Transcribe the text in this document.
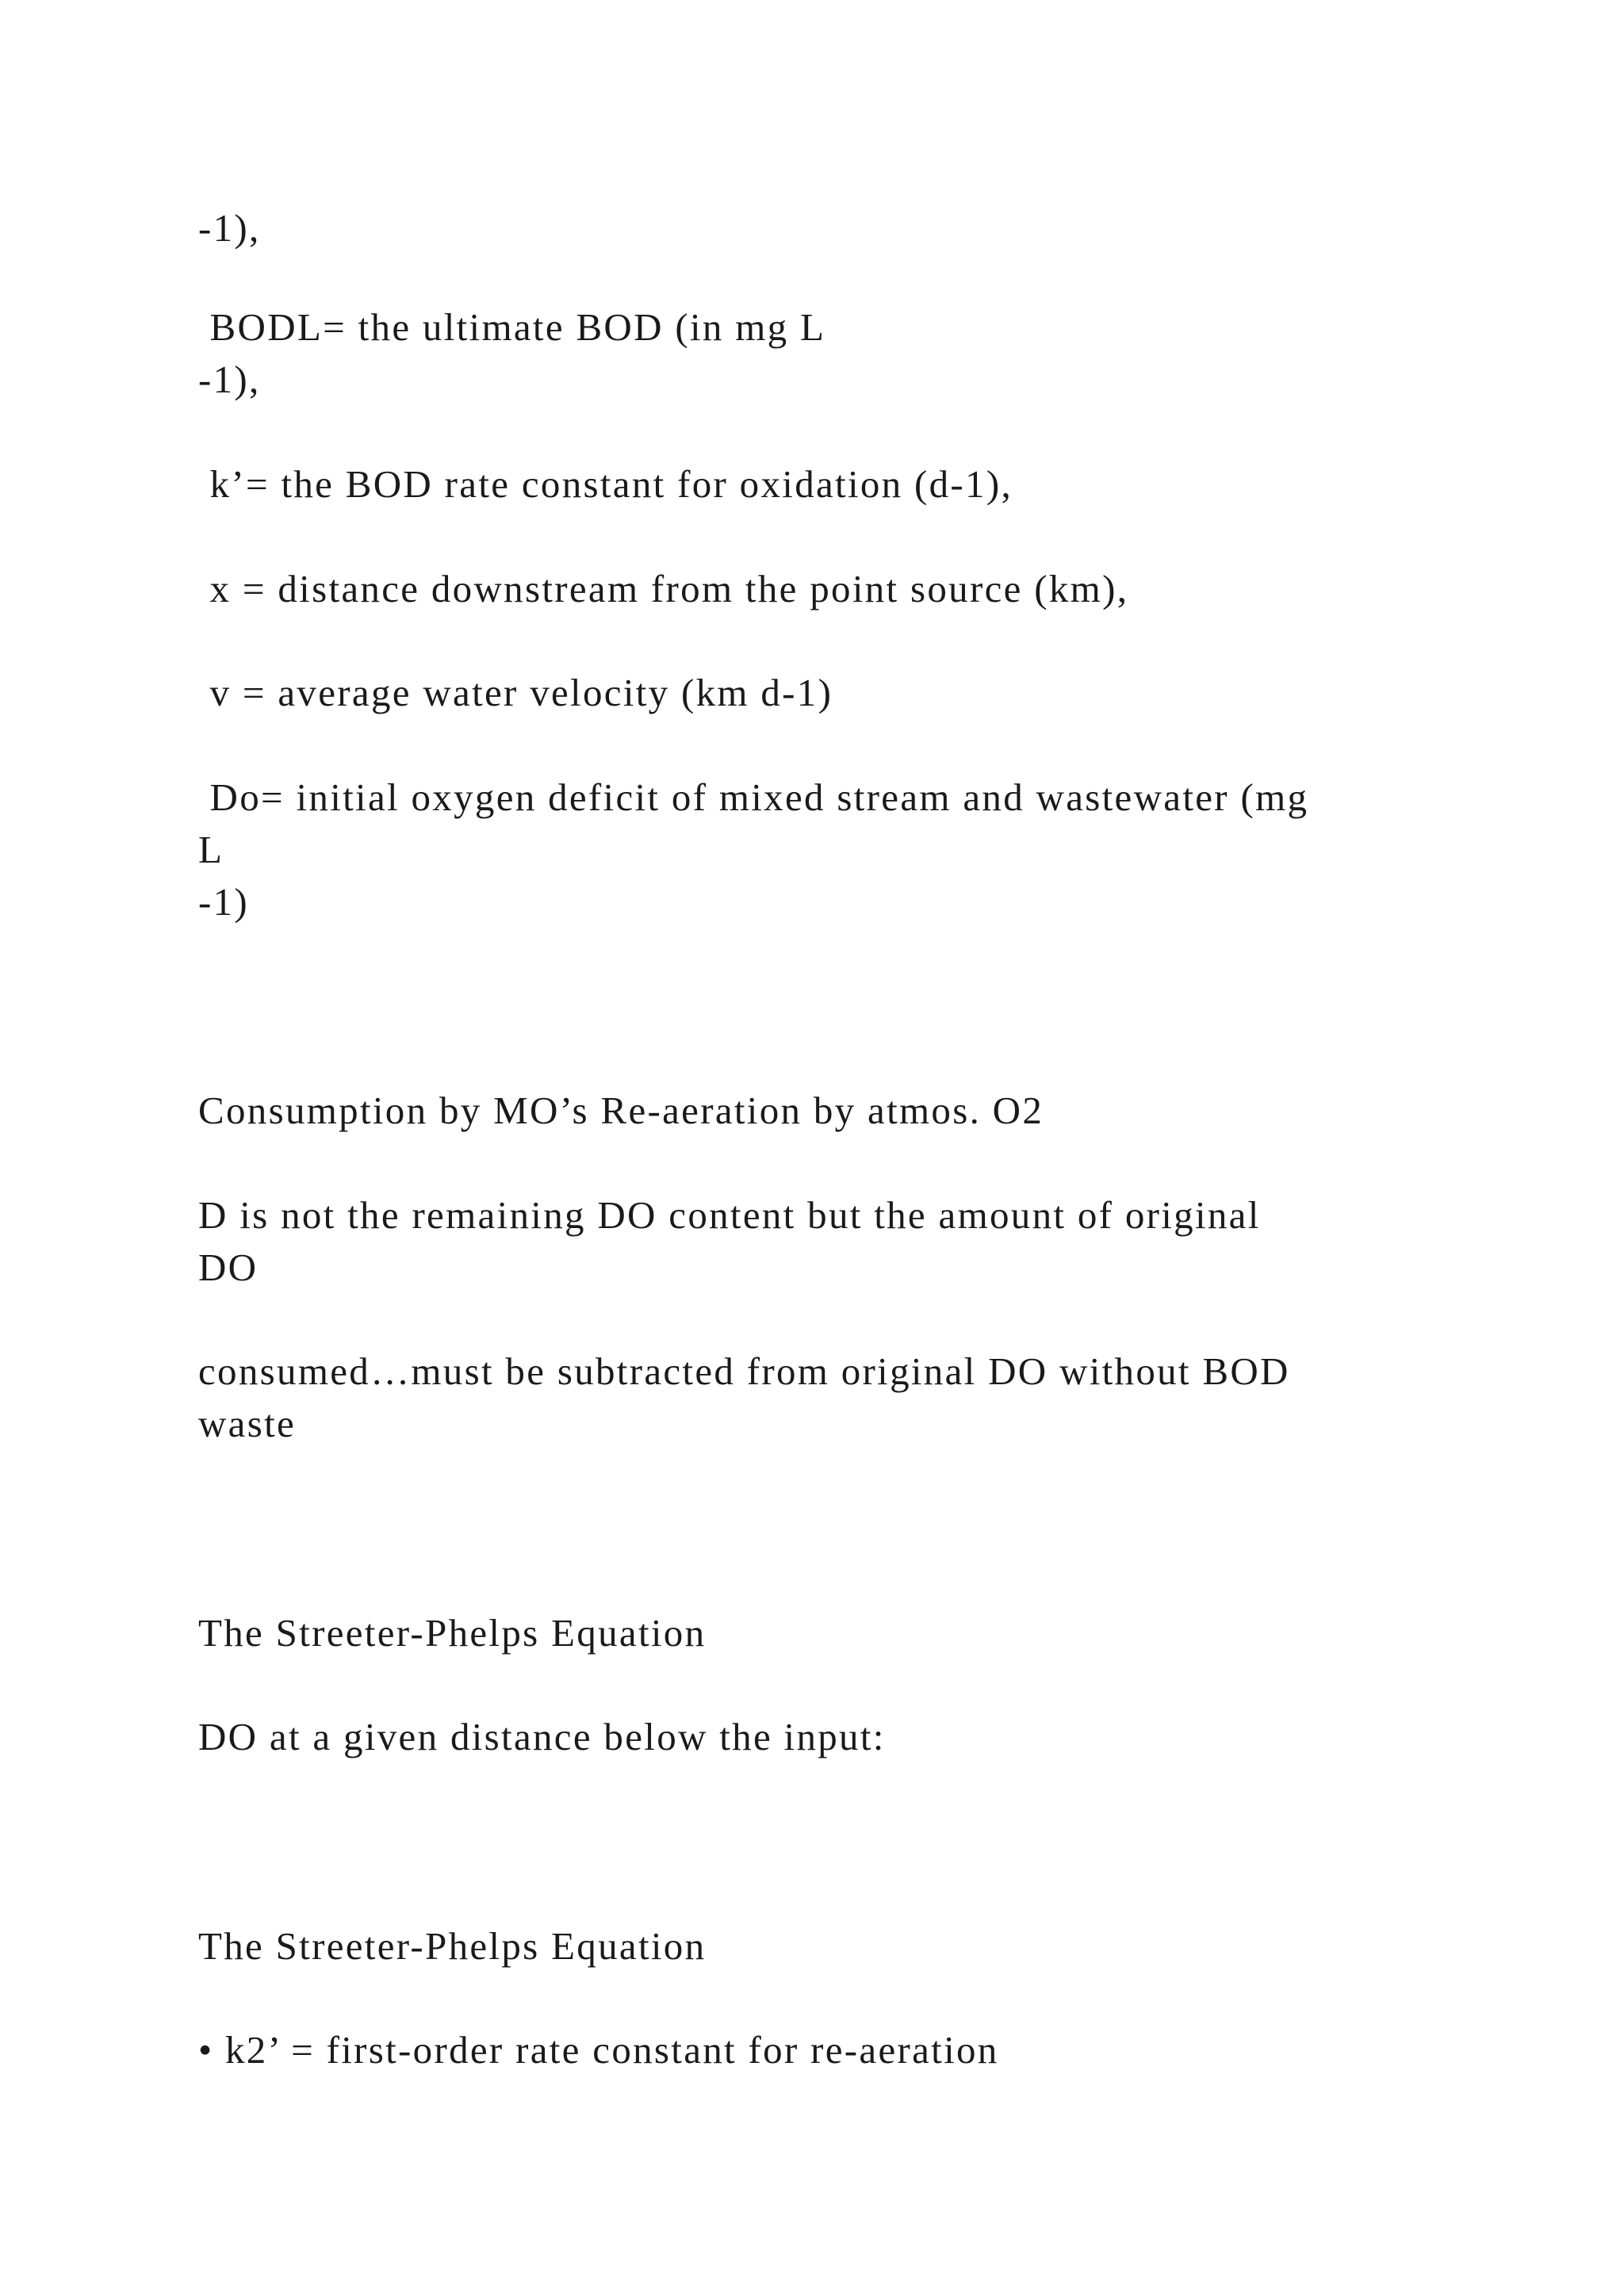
-1),

BODL= the ultimate BOD (in mg L

-1),

k’= the BOD rate constant for oxidation (d-1),

x = distance downstream from the point source (km),

v = average water velocity (km d-1)

Do= initial oxygen deficit of mixed stream and wastewater (mg

L

-1)

Consumption by MO’s Re-aeration by atmos. O2

D is not the remaining DO content but the amount of original

DO

consumed…must be subtracted from original DO without BOD

waste

The Streeter-Phelps Equation

DO at a given distance below the input:

The Streeter-Phelps Equation

• k2’ = first-order rate constant for re-aeration
